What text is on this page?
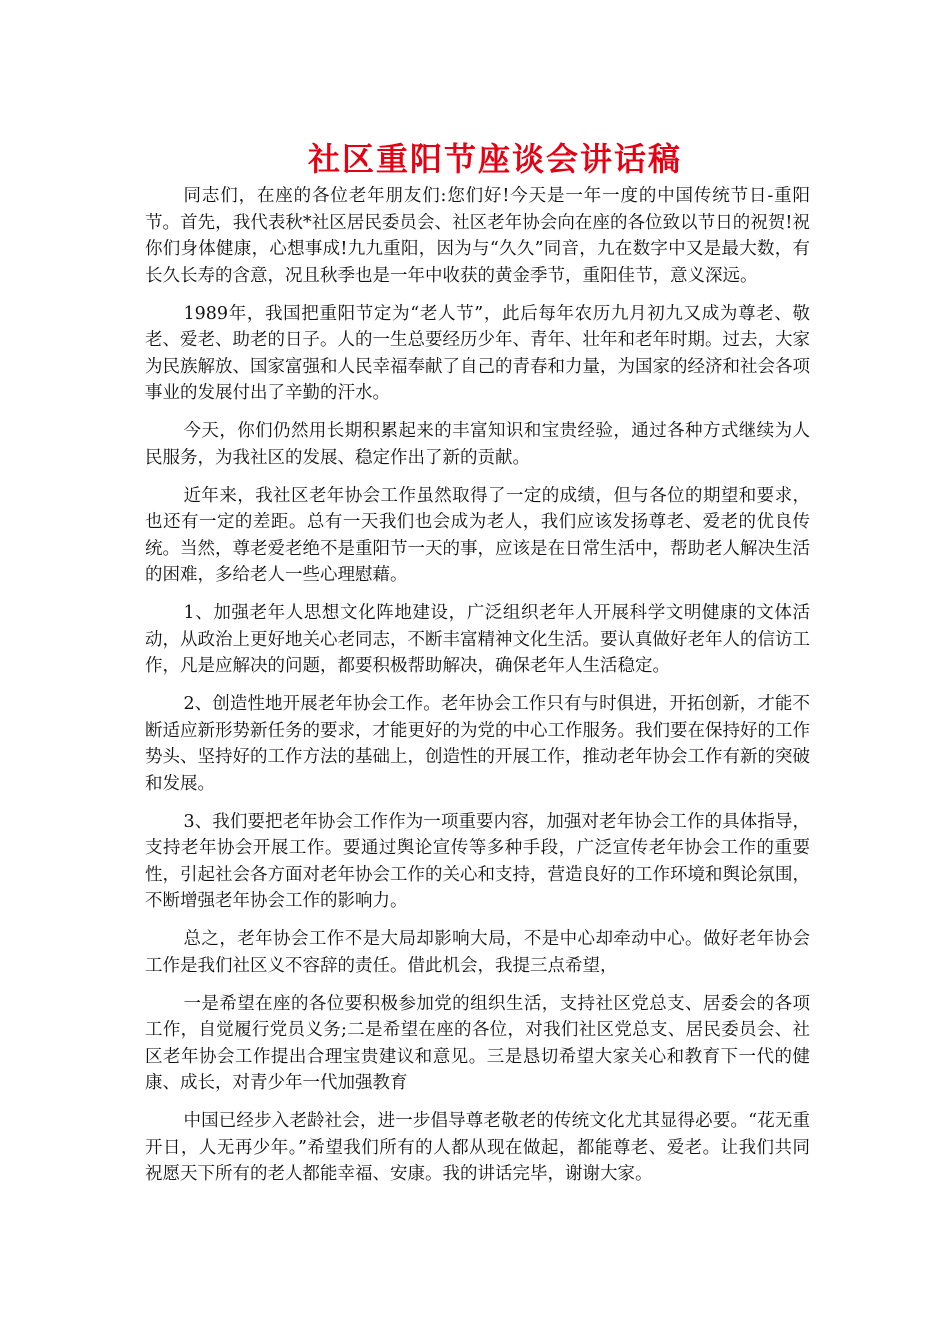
社区重阳节座谈会讲话稿

同志们，在座的各位老年朋友们:您们好!今天是一年一度的中国传统节日-重阳节。首先，我代表秋*社区居民委员会、社区老年协会向在座的各位致以节日的祝贺!祝你们身体健康，心想事成!九九重阳，因为与“久久”同音，九在数字中又是最大数，有长久长寿的含意，况且秋季也是一年中收获的黄金季节，重阳佳节，意义深远。

1989年，我国把重阳节定为“老人节”，此后每年农历九月初九又成为尊老、敬老、爱老、助老的日子。人的一生总要经历少年、青年、壮年和老年时期。过去，大家为民族解放、国家富强和人民幸福奉献了自己的青春和力量，为国家的经济和社会各项事业的发展付出了辛勤的汗水。

今天，你们仍然用长期积累起来的丰富知识和宝贵经验，通过各种方式继续为人民服务，为我社区的发展、稳定作出了新的贡献。

近年来，我社区老年协会工作虽然取得了一定的成绩，但与各位的期望和要求，也还有一定的差距。总有一天我们也会成为老人，我们应该发扬尊老、爱老的优良传统。当然，尊老爱老绝不是重阳节一天的事，应该是在日常生活中，帮助老人解决生活的困难，多给老人一些心理慰藉。

1、加强老年人思想文化阵地建设，广泛组织老年人开展科学文明健康的文体活动，从政治上更好地关心老同志，不断丰富精神文化生活。要认真做好老年人的信访工作，凡是应解决的问题，都要积极帮助解决，确保老年人生活稳定。

2、创造性地开展老年协会工作。老年协会工作只有与时俱进，开拓创新，才能不断适应新形势新任务的要求，才能更好的为党的中心工作服务。我们要在保持好的工作势头、坚持好的工作方法的基础上，创造性的开展工作，推动老年协会工作有新的突破和发展。

3、我们要把老年协会工作作为一项重要内容，加强对老年协会工作的具体指导，支持老年协会开展工作。要通过舆论宣传等多种手段，广泛宣传老年协会工作的重要性，引起社会各方面对老年协会工作的关心和支持，营造良好的工作环境和舆论氛围，不断增强老年协会工作的影响力。

总之，老年协会工作不是大局却影响大局，不是中心却牵动中心。做好老年协会工作是我们社区义不容辞的责任。借此机会，我提三点希望，

一是希望在座的各位要积极参加党的组织生活，支持社区党总支、居委会的各项工作，自觉履行党员义务;二是希望在座的各位，对我们社区党总支、居民委员会、社区老年协会工作提出合理宝贵建议和意见。三是恳切希望大家关心和教育下一代的健康、成长，对青少年一代加强教育

中国已经步入老龄社会，进一步倡导尊老敬老的传统文化尤其显得必要。“花无重开日，人无再少年。”希望我们所有的人都从现在做起，都能尊老、爱老。让我们共同祝愿天下所有的老人都能幸福、安康。我的讲话完毕，谢谢大家。
